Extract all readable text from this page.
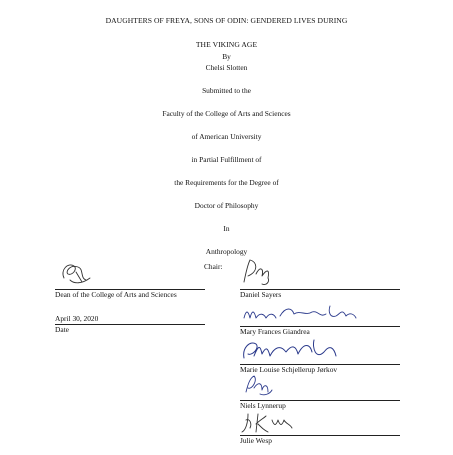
DAUGHTERS OF FREYA, SONS OF ODIN: GENDERED LIVES DURING
THE VIKING AGE
By
Chelsi Slotten
Submitted to the
Faculty of the College of Arts and Sciences
of American University
in Partial Fulfillment of
the Requirements for the Degree of
Doctor of Philosophy
In
Chair:
Dean of the College of Arts and Sciences
April 30, 2020
Date
Daniel Sayers
Mary Frances Giandrea
Marie Louise Schjellerup Jørkov
Niels Lynnerup
Julie Wesp
Anthropology
